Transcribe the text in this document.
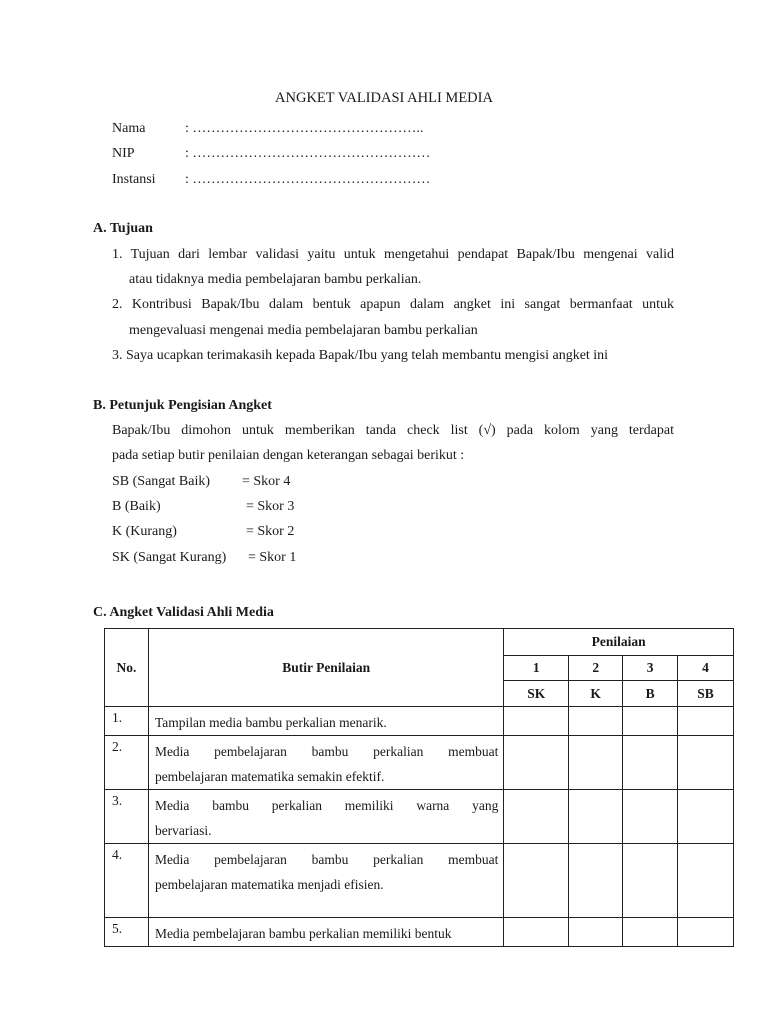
ANGKET VALIDASI AHLI MEDIA
Nama	: …………………………………………..
NIP	: ……………………………………………
Instansi : ……………………………………………
A. Tujuan
1. Tujuan dari lembar validasi yaitu untuk mengetahui pendapat Bapak/Ibu mengenai valid
atau tidaknya media pembelajaran bambu perkalian.
2. Kontribusi Bapak/Ibu dalam bentuk apapun dalam angket ini sangat bermanfaat untuk
mengevaluasi mengenai media pembelajaran bambu perkalian
3. Saya ucapkan terimakasih kepada Bapak/Ibu yang telah membantu mengisi angket ini
B. Petunjuk Pengisian Angket
Bapak/Ibu dimohon untuk memberikan tanda check list (√) pada kolom yang terdapat
pada setiap butir penilaian dengan keterangan sebagai berikut :
SB (Sangat Baik) = Skor 4
B (Baik)	= Skor 3
K (Kurang)	= Skor 2
SK (Sangat Kurang) = Skor 1
C. Angket Validasi Ahli Media
No.	Butir Penilaian	Penilaian			
		1	2	3	4
		SK	K	B	SB
1.	Tampilan media bambu perkalian menarik.				

2.	Media pembelajaran bambu perkalian membuat
pembelajaran matematika semakin efektif.				

3.	Media bambu perkalian memiliki warna yang
bervariasi.				

4.	Media pembelajaran bambu perkalian membuat
pembelajaran matematika menjadi efisien.				

5.	Media pembelajaran bambu perkalian memiliki bentuk				
